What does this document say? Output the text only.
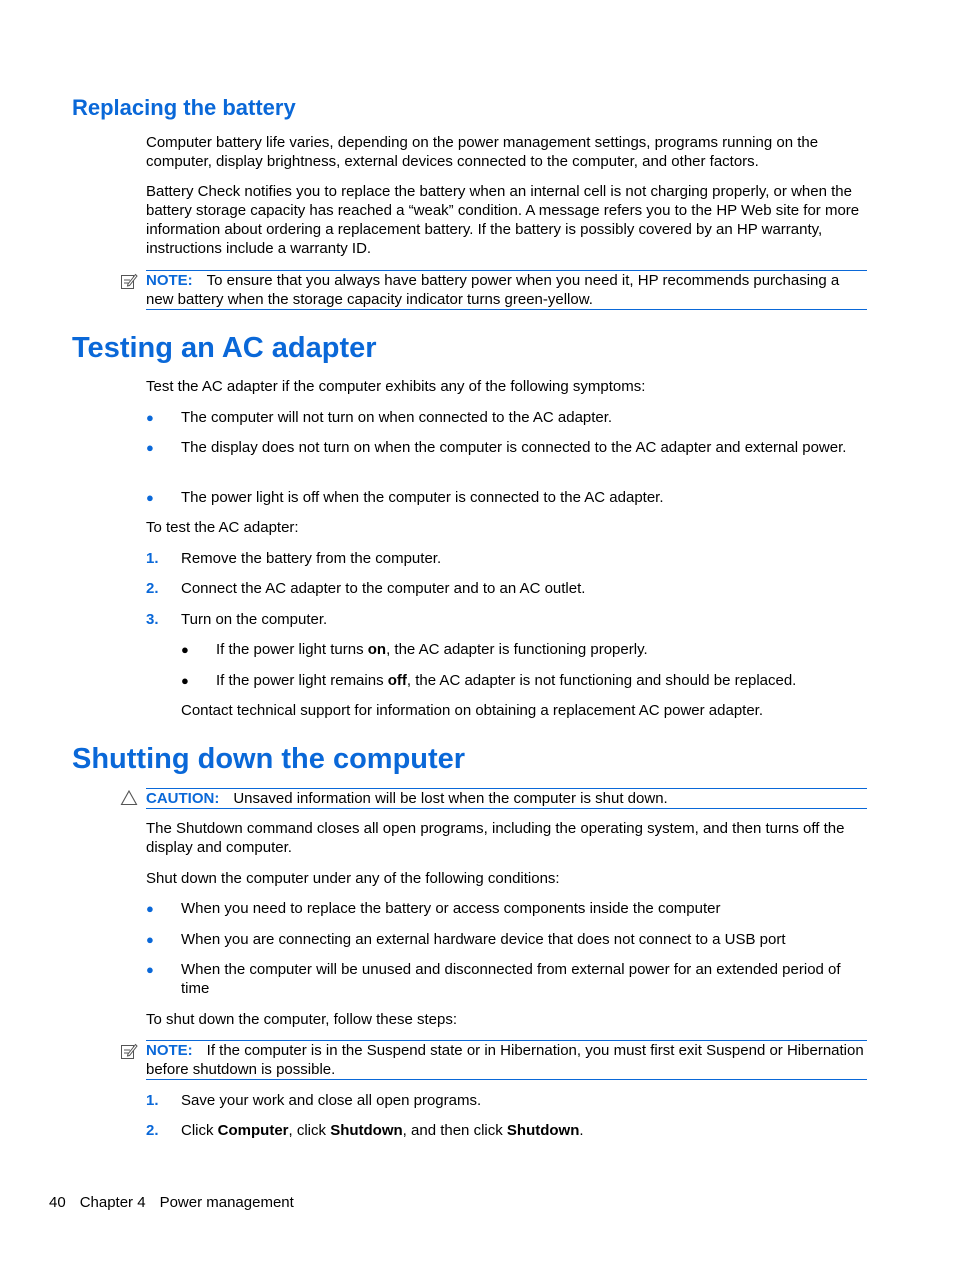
Replacing the battery

Computer battery life varies, depending on the power management settings, programs running on the computer, display brightness, external devices connected to the computer, and other factors.

Battery Check notifies you to replace the battery when an internal cell is not charging properly, or when the battery storage capacity has reached a “weak” condition. A message refers you to the HP Web site for more information about ordering a replacement battery. If the battery is possibly covered by an HP warranty, instructions include a warranty ID.

NOTE: To ensure that you always have battery power when you need it, HP recommends purchasing a new battery when the storage capacity indicator turns green-yellow.
Testing an AC adapter

Test the AC adapter if the computer exhibits any of the following symptoms:

● The computer will not turn on when connected to the AC adapter.
● The display does not turn on when the computer is connected to the AC adapter and external power.
● The power light is off when the computer is connected to the AC adapter.

To test the AC adapter:

1. Remove the battery from the computer.
2. Connect the AC adapter to the computer and to an AC outlet.
3. Turn on the computer.
● If the power light turns on, the AC adapter is functioning properly.
● If the power light remains off, the AC adapter is not functioning and should be replaced.

Contact technical support for information on obtaining a replacement AC power adapter.

Shutting down the computer
CAUTION: Unsaved information will be lost when the computer is shut down.

The Shutdown command closes all open programs, including the operating system, and then turns off the display and computer.

Shut down the computer under any of the following conditions:

● When you need to replace the battery or access components inside the computer
● When you are connecting an external hardware device that does not connect to a USB port
● When the computer will be unused and disconnected from external power for an extended period of time

To shut down the computer, follow these steps:

NOTE: If the computer is in the Suspend state or in Hibernation, you must first exit Suspend or Hibernation before shutdown is possible.
1. Save your work and close all open programs.
2. Click Computer, click Shutdown, and then click Shutdown.
40 Chapter 4 Power management
